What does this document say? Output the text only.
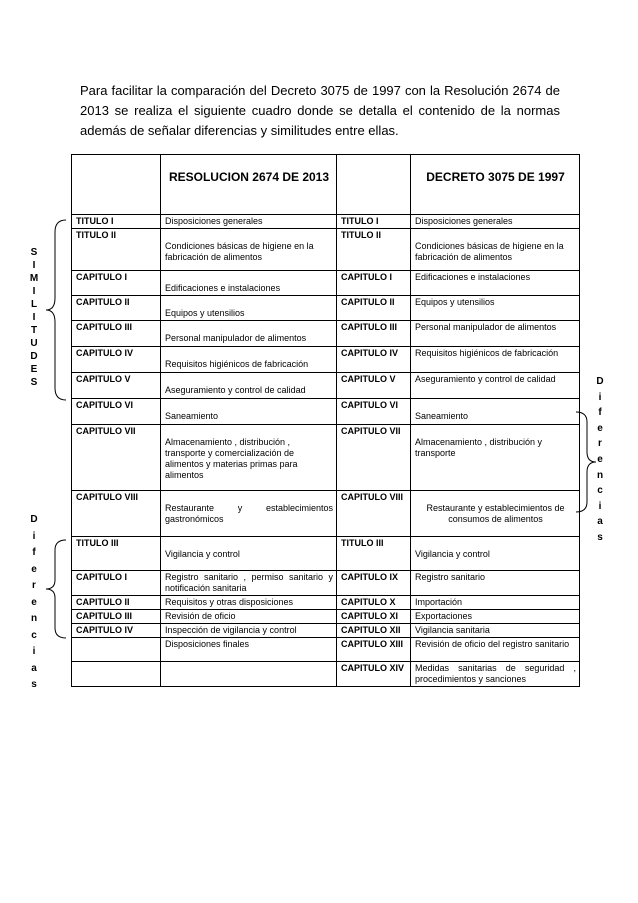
Para facilitar la comparación del Decreto 3075 de 1997 con la Resolución 2674 de 2013 se realiza el siguiente cuadro donde se detalla el contenido de la normas además de señalar diferencias y similitudes entre ellas.

	RESOLUCION 2674 DE 2013		DECRETO 3075 DE 1997
TITULO I	Disposiciones generales	TITULO I	Disposiciones generales
TITULO II	Condiciones básicas de higiene en la fabricación de alimentos	TITULO II	Condiciones básicas de higiene en la fabricación de alimentos
CAPITULO I	Edificaciones e instalaciones	CAPITULO I	Edificaciones e instalaciones
CAPITULO II	Equipos y utensilios	CAPITULO II	Equipos y utensilios
CAPITULO III	Personal manipulador de alimentos	CAPITULO III	Personal manipulador de alimentos
CAPITULO IV	Requisitos higiénicos de fabricación	CAPITULO IV	Requisitos higiénicos de fabricación
CAPITULO V	Aseguramiento y control de calidad	CAPITULO V	Aseguramiento y control de calidad
CAPITULO VI	Saneamiento	CAPITULO VI	Saneamiento
CAPITULO VII	Almacenamiento , distribución , transporte y comercialización de alimentos y materias primas para alimentos	CAPITULO VII	Almacenamiento , distribución y transporte
CAPITULO VIII	Restaurante y establecimientos gastronómicos	CAPITULO VIII	Restaurante y establecimientos de consumos de alimentos
TITULO III	Vigilancia y control	TITULO III	Vigilancia y control
CAPITULO I	Registro sanitario , permiso sanitario y notificación sanitaria	CAPITULO IX	Registro sanitario
CAPITULO II	Requisitos y otras disposiciones	CAPITULO X	Importación
CAPITULO III	Revisión de oficio	CAPITULO XI	Exportaciones
CAPITULO IV	Inspección de vigilancia y control	CAPITULO XII	Vigilancia sanitaria
	Disposiciones finales	CAPITULO XIII	Revisión de oficio del registro sanitario
		CAPITULO XIV	Medidas sanitarias de seguridad , procedimientos y sanciones
S
I
M
I
L
I
T
U
D
E
S
D
i
f
e
r
e
n
c
i
a
s
D
i
f
e
r
e
n
c
i
a
s
